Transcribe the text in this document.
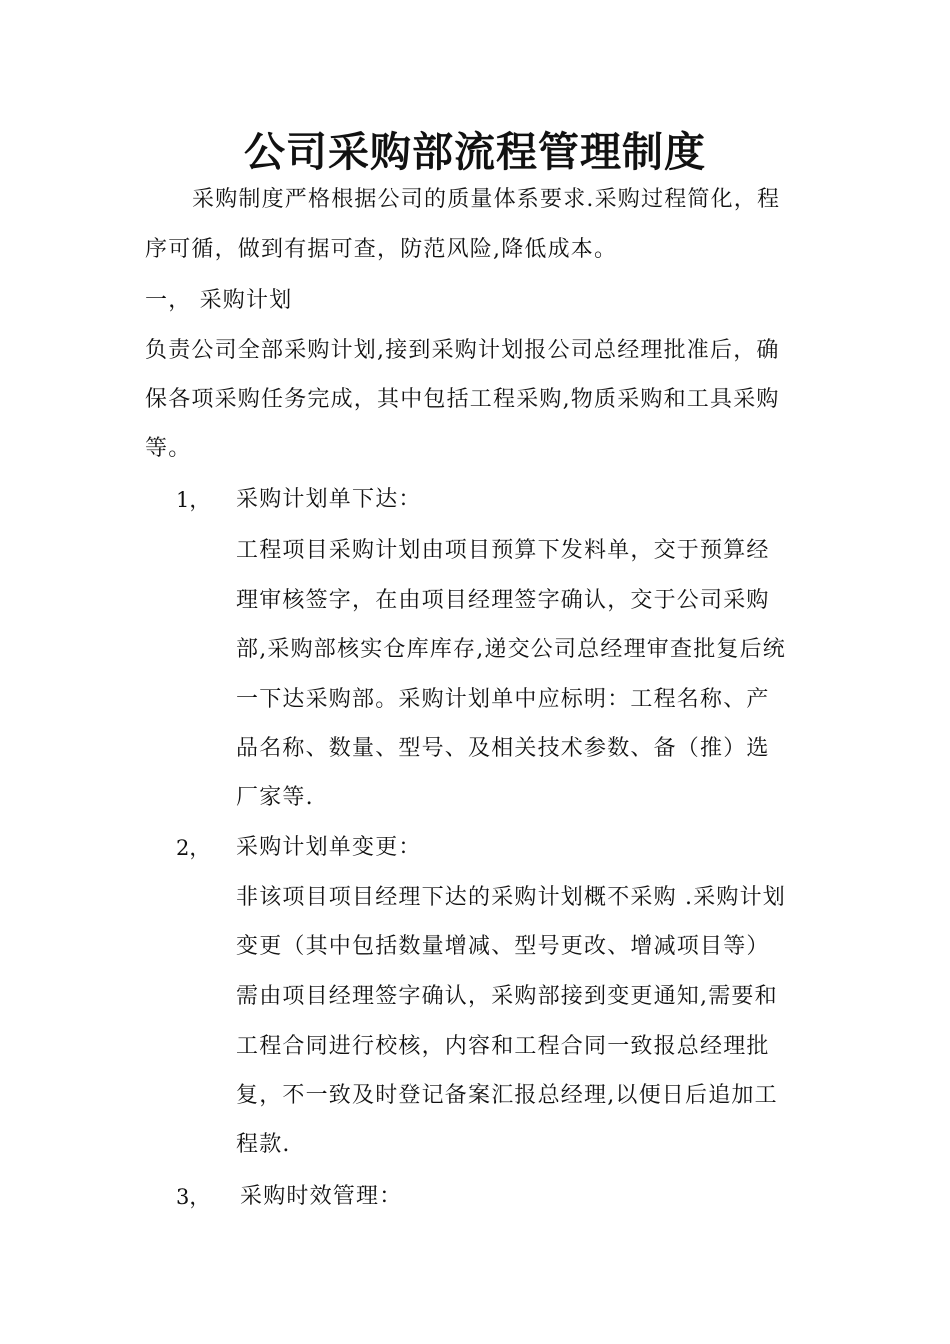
公司采购部流程管理制度
采购制度严格根据公司的质量体系要求.采购过程简化，程
序可循，做到有据可查，防范风险,降低成本。
一， 采购计划
负责公司全部采购计划,接到采购计划报公司总经理批准后，确
保各项采购任务完成，其中包括工程采购,物质采购和工具采购
等。
1， 采购计划单下达：
工程项目采购计划由项目预算下发料单，交于预算经
理审核签字，在由项目经理签字确认，交于公司采购
部,采购部核实仓库库存,递交公司总经理审查批复后统
一下达采购部。采购计划单中应标明：工程名称、产
品名称、数量、型号、及相关技术参数、备（推）选
厂家等.
2， 采购计划单变更：
非该项目项目经理下达的采购计划概不采购 .采购计划
变更（其中包括数量增减、型号更改、增减项目等）
需由项目经理签字确认，采购部接到变更通知,需要和
工程合同进行校核，内容和工程合同一致报总经理批
复，不一致及时登记备案汇报总经理,以便日后追加工
程款.
3， 采购时效管理：
